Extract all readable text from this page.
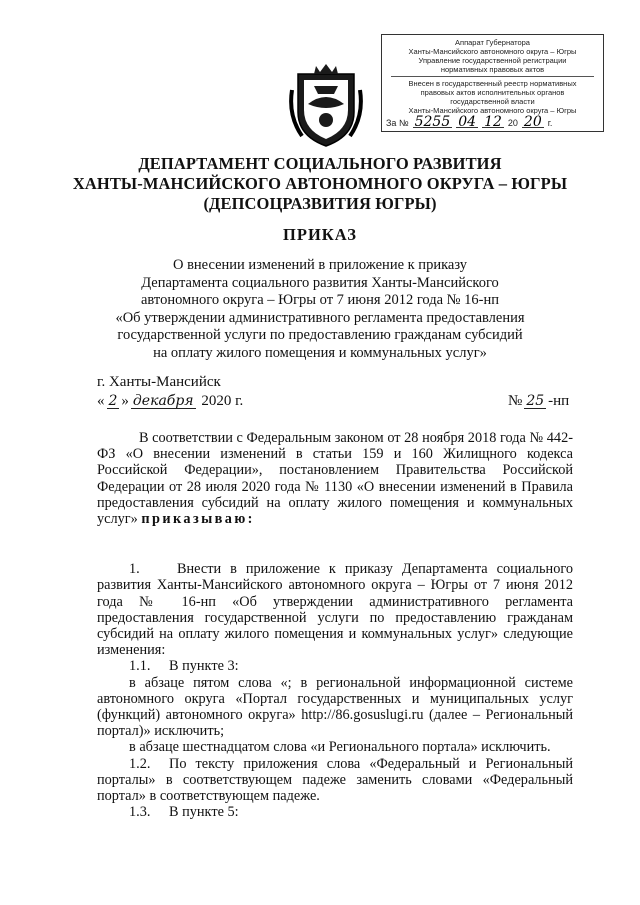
Аппарат Губернатора
Ханты-Мансийского автономного округа – Югры
Управление государственной регистрации
нормативных правовых актов
Внесен в государственный реестр нормативных
правовых актов исполнительных органов
государственной власти
Ханты-Мансийского автономного округа – Югры
За № 5255 04 12 20 20 г.
ДЕПАРТАМЕНТ СОЦИАЛЬНОГО РАЗВИТИЯ
ХАНТЫ-МАНСИЙСКОГО АВТОНОМНОГО ОКРУГА – ЮГРЫ
(ДЕПСОЦРАЗВИТИЯ ЮГРЫ)
ПРИКАЗ
О внесении изменений в приложение к приказу
Департамента социального развития Ханты-Мансийского
автономного округа – Югры от 7 июня 2012 года № 16-нп
«Об утверждении административного регламента предоставления
государственной услуги по предоставлению гражданам субсидий
на оплату жилого помещения и коммунальных услуг»
г. Ханты-Мансийск
« 2 » декабря
2020 г.	№ 25 -нп

В соответствии с Федеральным законом от 28 ноября 2018 года № 442-ФЗ «О внесении изменений в статьи 159 и 160 Жилищного кодекса Российской Федерации», постановлением Правительства Российской Федерации от 28 июля 2020 года № 1130 «О внесении изменений в Правила предоставления субсидий на оплату жилого помещения и коммунальных услуг» приказываю:

1.	Внести в приложение к приказу Департамента социального развития Ханты-Мансийского автономного округа – Югры от 7 июня 2012 года № 16-нп «Об утверждении административного регламента предоставления государственной услуги по предоставлению гражданам субсидий на оплату жилого помещения и коммунальных услуг» следующие изменения:

1.1. В пункте 3:

в абзаце пятом слова «; в региональной информационной системе автономного округа «Портал государственных и муниципальных услуг (функций) автономного округа» http://86.gosuslugi.ru (далее – Региональный портал)» исключить;

в абзаце шестнадцатом слова «и Регионального портала» исключить.

1.2. По тексту приложения слова «Федеральный и Региональный порталы» в соответствующем падеже заменить словами «Федеральный портал» в соответствующем падеже.

1.3. В пункте 5:
